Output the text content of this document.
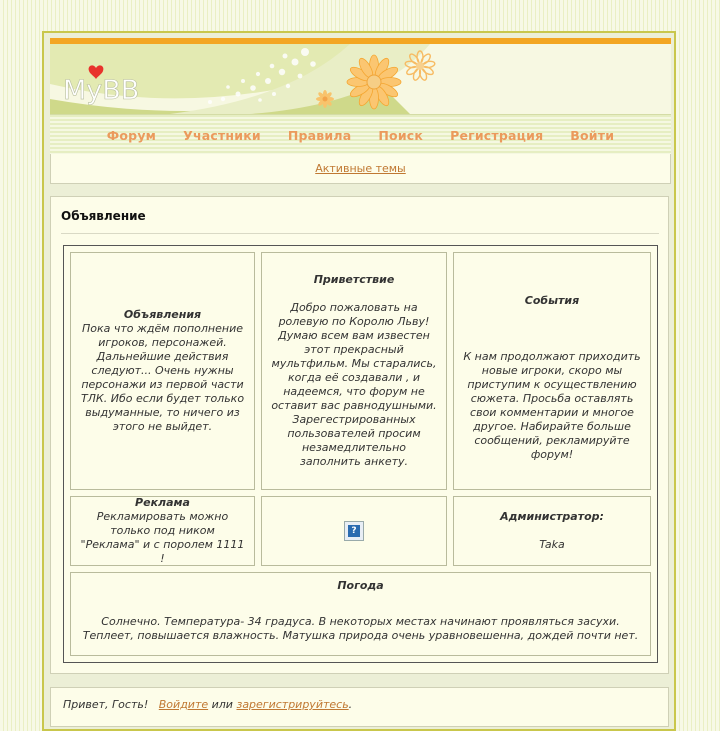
MyBB
Форум Участники Правила Поиск Регистрация Войти
Активные темы
Объявление
Объявления
Пока что ждём пополнение игроков, персонажей. Дальнейшие действия следуют... Очень нужны персонажи из первой части ТЛК. Ибо если будет только выдуманные, то ничего из этого не выйдет.
Приветствие
Добро пожаловать на ролевую по Королю Льву! Думаю всем вам известен этот прекрасный мультфильм. Мы старались, когда её создавали , и надеемся, что форум не оставит вас равнодушными. Зарегестрированных пользователей просим незамедлительно заполнить анкету.
События
К нам продолжают приходить новые игроки, скоро мы приступим к осуществлению сюжета. Просьба оставлять свои комментарии и многое другое. Набирайте больше сообщений, рекламируйте форум!
Реклама
Рекламировать можно только под ником "Реклама" и с поролем 1111 !
?
Администратор:
Taka
Погода
Солнечно. Температура- 34 градуса. В некоторых местах начинают проявляться засухи. Теплеет, повышается влажность. Матушка природа очень уравновешенна, дождей почти нет.
Привет, Гость! Войдите или зарегистрируйтесь.
